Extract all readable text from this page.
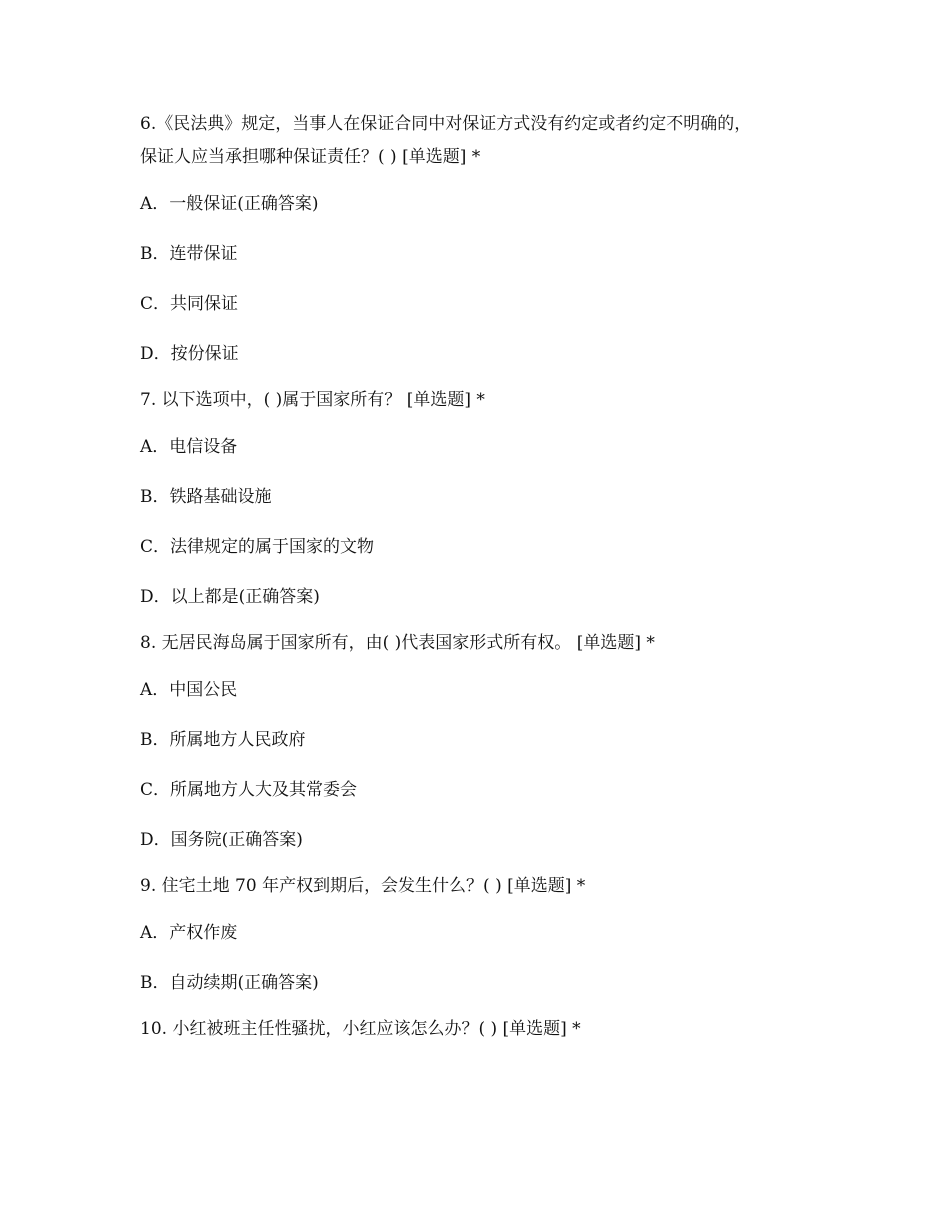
6.《民法典》规定，当事人在保证合同中对保证方式没有约定或者约定不明确的，
保证人应当承担哪种保证责任？( ) [单选题] *
A．一般保证(正确答案)
B．连带保证
C．共同保证
D．按份保证
7. 以下选项中，( )属于国家所有？ [单选题] *
A．电信设备
B．铁路基础设施
C．法律规定的属于国家的文物
D．以上都是(正确答案)
8. 无居民海岛属于国家所有，由( )代表国家形式所有权。 [单选题] *
A．中国公民
B．所属地方人民政府
C．所属地方人大及其常委会
D．国务院(正确答案)
9. 住宅土地 70 年产权到期后，会发生什么？( ) [单选题] *
A．产权作废
B．自动续期(正确答案)
10. 小红被班主任性骚扰，小红应该怎么办？( ) [单选题] *
